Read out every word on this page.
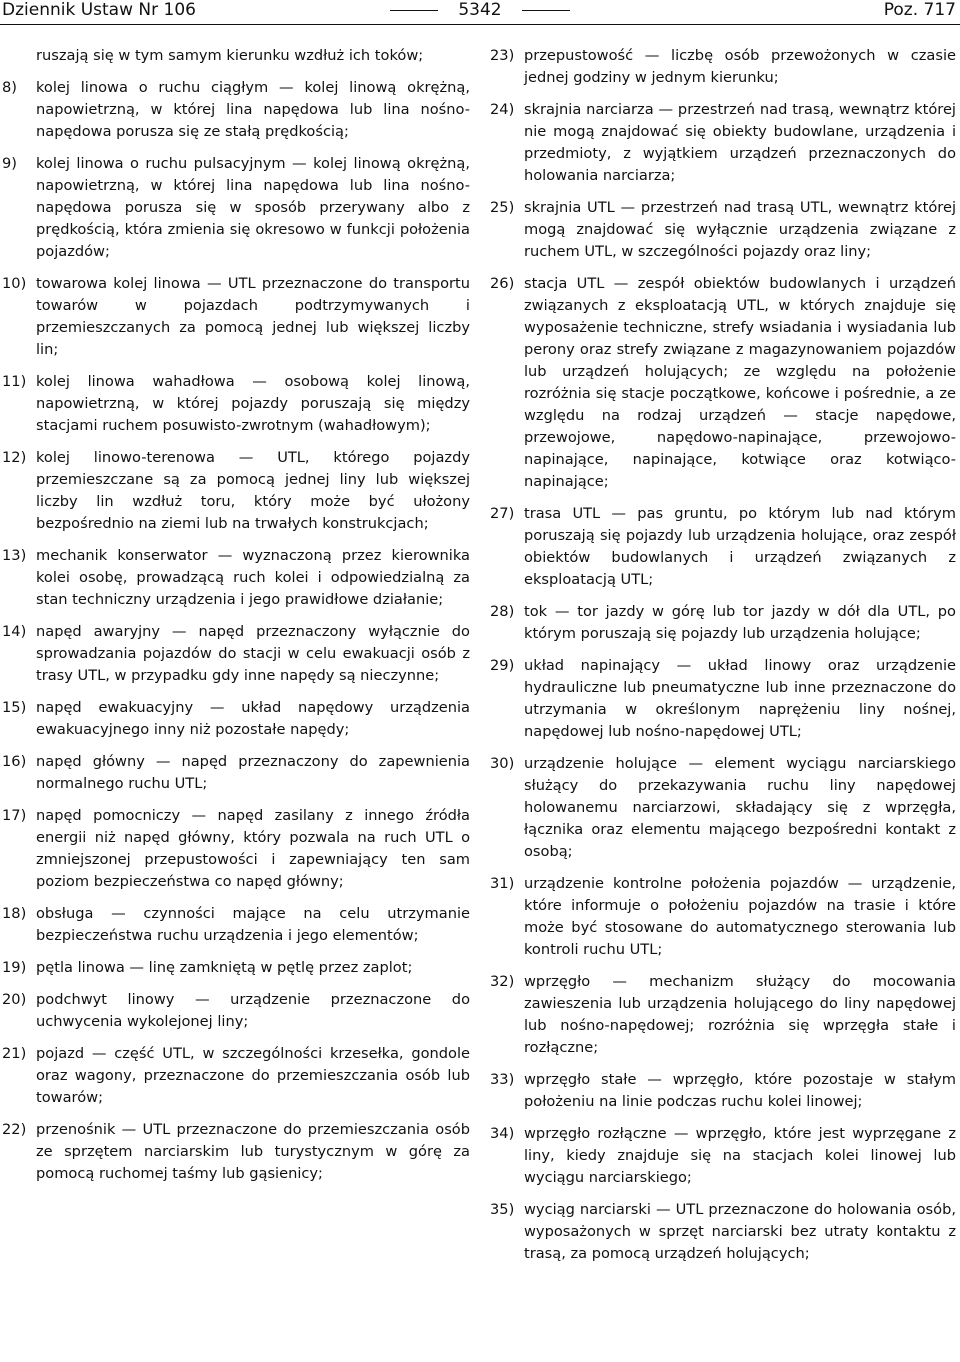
Dziennik Ustaw Nr 106	5342	Poz. 717
ruszają się w tym samym kierunku wzdłuż ich toków;
8) kolej linowa o ruchu ciągłym — kolej linową okrężną, napowietrzną, w której lina napędowa lub lina nośno-napędowa porusza się ze stałą prędkością;
9) kolej linowa o ruchu pulsacyjnym — kolej linową okrężną, napowietrzną, w której lina napędowa lub lina nośno-napędowa porusza się w sposób przerywany albo z prędkością, która zmienia się okresowo w funkcji położenia pojazdów;
10) towarowa kolej linowa — UTL przeznaczone do transportu towarów w pojazdach podtrzymywanych i przemieszczanych za pomocą jednej lub większej liczby lin;
11) kolej linowa wahadłowa — osobową kolej linową, napowietrzną, w której pojazdy poruszają się między stacjami ruchem posuwisto-zwrotnym (wahadłowym);
12) kolej linowo-terenowa — UTL, którego pojazdy przemieszczane są za pomocą jednej liny lub większej liczby lin wzdłuż toru, który może być ułożony bezpośrednio na ziemi lub na trwałych konstrukcjach;
13) mechanik konserwator — wyznaczoną przez kierownika kolei osobę, prowadzącą ruch kolei i odpowiedzialną za stan techniczny urządzenia i jego prawidłowe działanie;
14) napęd awaryjny — napęd przeznaczony wyłącznie do sprowadzania pojazdów do stacji w celu ewakuacji osób z trasy UTL, w przypadku gdy inne napędy są nieczynne;
15) napęd ewakuacyjny — układ napędowy urządzenia ewakuacyjnego inny niż pozostałe napędy;
16) napęd główny — napęd przeznaczony do zapewnienia normalnego ruchu UTL;
17) napęd pomocniczy — napęd zasilany z innego źródła energii niż napęd główny, który pozwala na ruch UTL o zmniejszonej przepustowości i zapewniający ten sam poziom bezpieczeństwa co napęd główny;
18) obsługa — czynności mające na celu utrzymanie bezpieczeństwa ruchu urządzenia i jego elementów;
19) pętla linowa — linę zamkniętą w pętlę przez zaplot;
20) podchwyt linowy — urządzenie przeznaczone do uchwycenia wykolejonej liny;
21) pojazd — część UTL, w szczególności krzesełka, gondole oraz wagony, przeznaczone do przemieszczania osób lub towarów;
22) przenośnik — UTL przeznaczone do przemieszczania osób ze sprzętem narciarskim lub turystycznym w górę za pomocą ruchomej taśmy lub gąsienicy;
23) przepustowość — liczbę osób przewożonych w czasie jednej godziny w jednym kierunku;
24) skrajnia narciarza — przestrzeń nad trasą, wewnątrz której nie mogą znajdować się obiekty budowlane, urządzenia i przedmioty, z wyjątkiem urządzeń przeznaczonych do holowania narciarza;
25) skrajnia UTL — przestrzeń nad trasą UTL, wewnątrz której mogą znajdować się wyłącznie urządzenia związane z ruchem UTL, w szczególności pojazdy oraz liny;
26) stacja UTL — zespół obiektów budowlanych i urządzeń związanych z eksploatacją UTL, w których znajduje się wyposażenie techniczne, strefy wsiadania i wysiadania lub perony oraz strefy związane z magazynowaniem pojazdów lub urządzeń holujących; ze względu na położenie rozróżnia się stacje początkowe, końcowe i pośrednie, a ze względu na rodzaj urządzeń — stacje napędowe, przewojowe, napędowo-napinające, przewojowo-napinające, napinające, kotwiące oraz kotwiąco-napinające;
27) trasa UTL — pas gruntu, po którym lub nad którym poruszają się pojazdy lub urządzenia holujące, oraz zespół obiektów budowlanych i urządzeń związanych z eksploatacją UTL;
28) tok — tor jazdy w górę lub tor jazdy w dół dla UTL, po którym poruszają się pojazdy lub urządzenia holujące;
29) układ napinający — układ linowy oraz urządzenie hydrauliczne lub pneumatyczne lub inne przeznaczone do utrzymania w określonym naprężeniu liny nośnej, napędowej lub nośno-napędowej UTL;
30) urządzenie holujące — element wyciągu narciarskiego służący do przekazywania ruchu liny napędowej holowanemu narciarzowi, składający się z wprzęgła, łącznika oraz elementu mającego bezpośredni kontakt z osobą;
31) urządzenie kontrolne położenia pojazdów — urządzenie, które informuje o położeniu pojazdów na trasie i które może być stosowane do automatycznego sterowania lub kontroli ruchu UTL;
32) wprzęgło — mechanizm służący do mocowania zawieszenia lub urządzenia holującego do liny napędowej lub nośno-napędowej; rozróżnia się wprzęgła stałe i rozłączne;
33) wprzęgło stałe — wprzęgło, które pozostaje w stałym położeniu na linie podczas ruchu kolei linowej;
34) wprzęgło rozłączne — wprzęgło, które jest wyprzęgane z liny, kiedy znajduje się na stacjach kolei linowej lub wyciągu narciarskiego;
35) wyciąg narciarski — UTL przeznaczone do holowania osób, wyposażonych w sprzęt narciarski bez utraty kontaktu z trasą, za pomocą urządzeń holujących;
